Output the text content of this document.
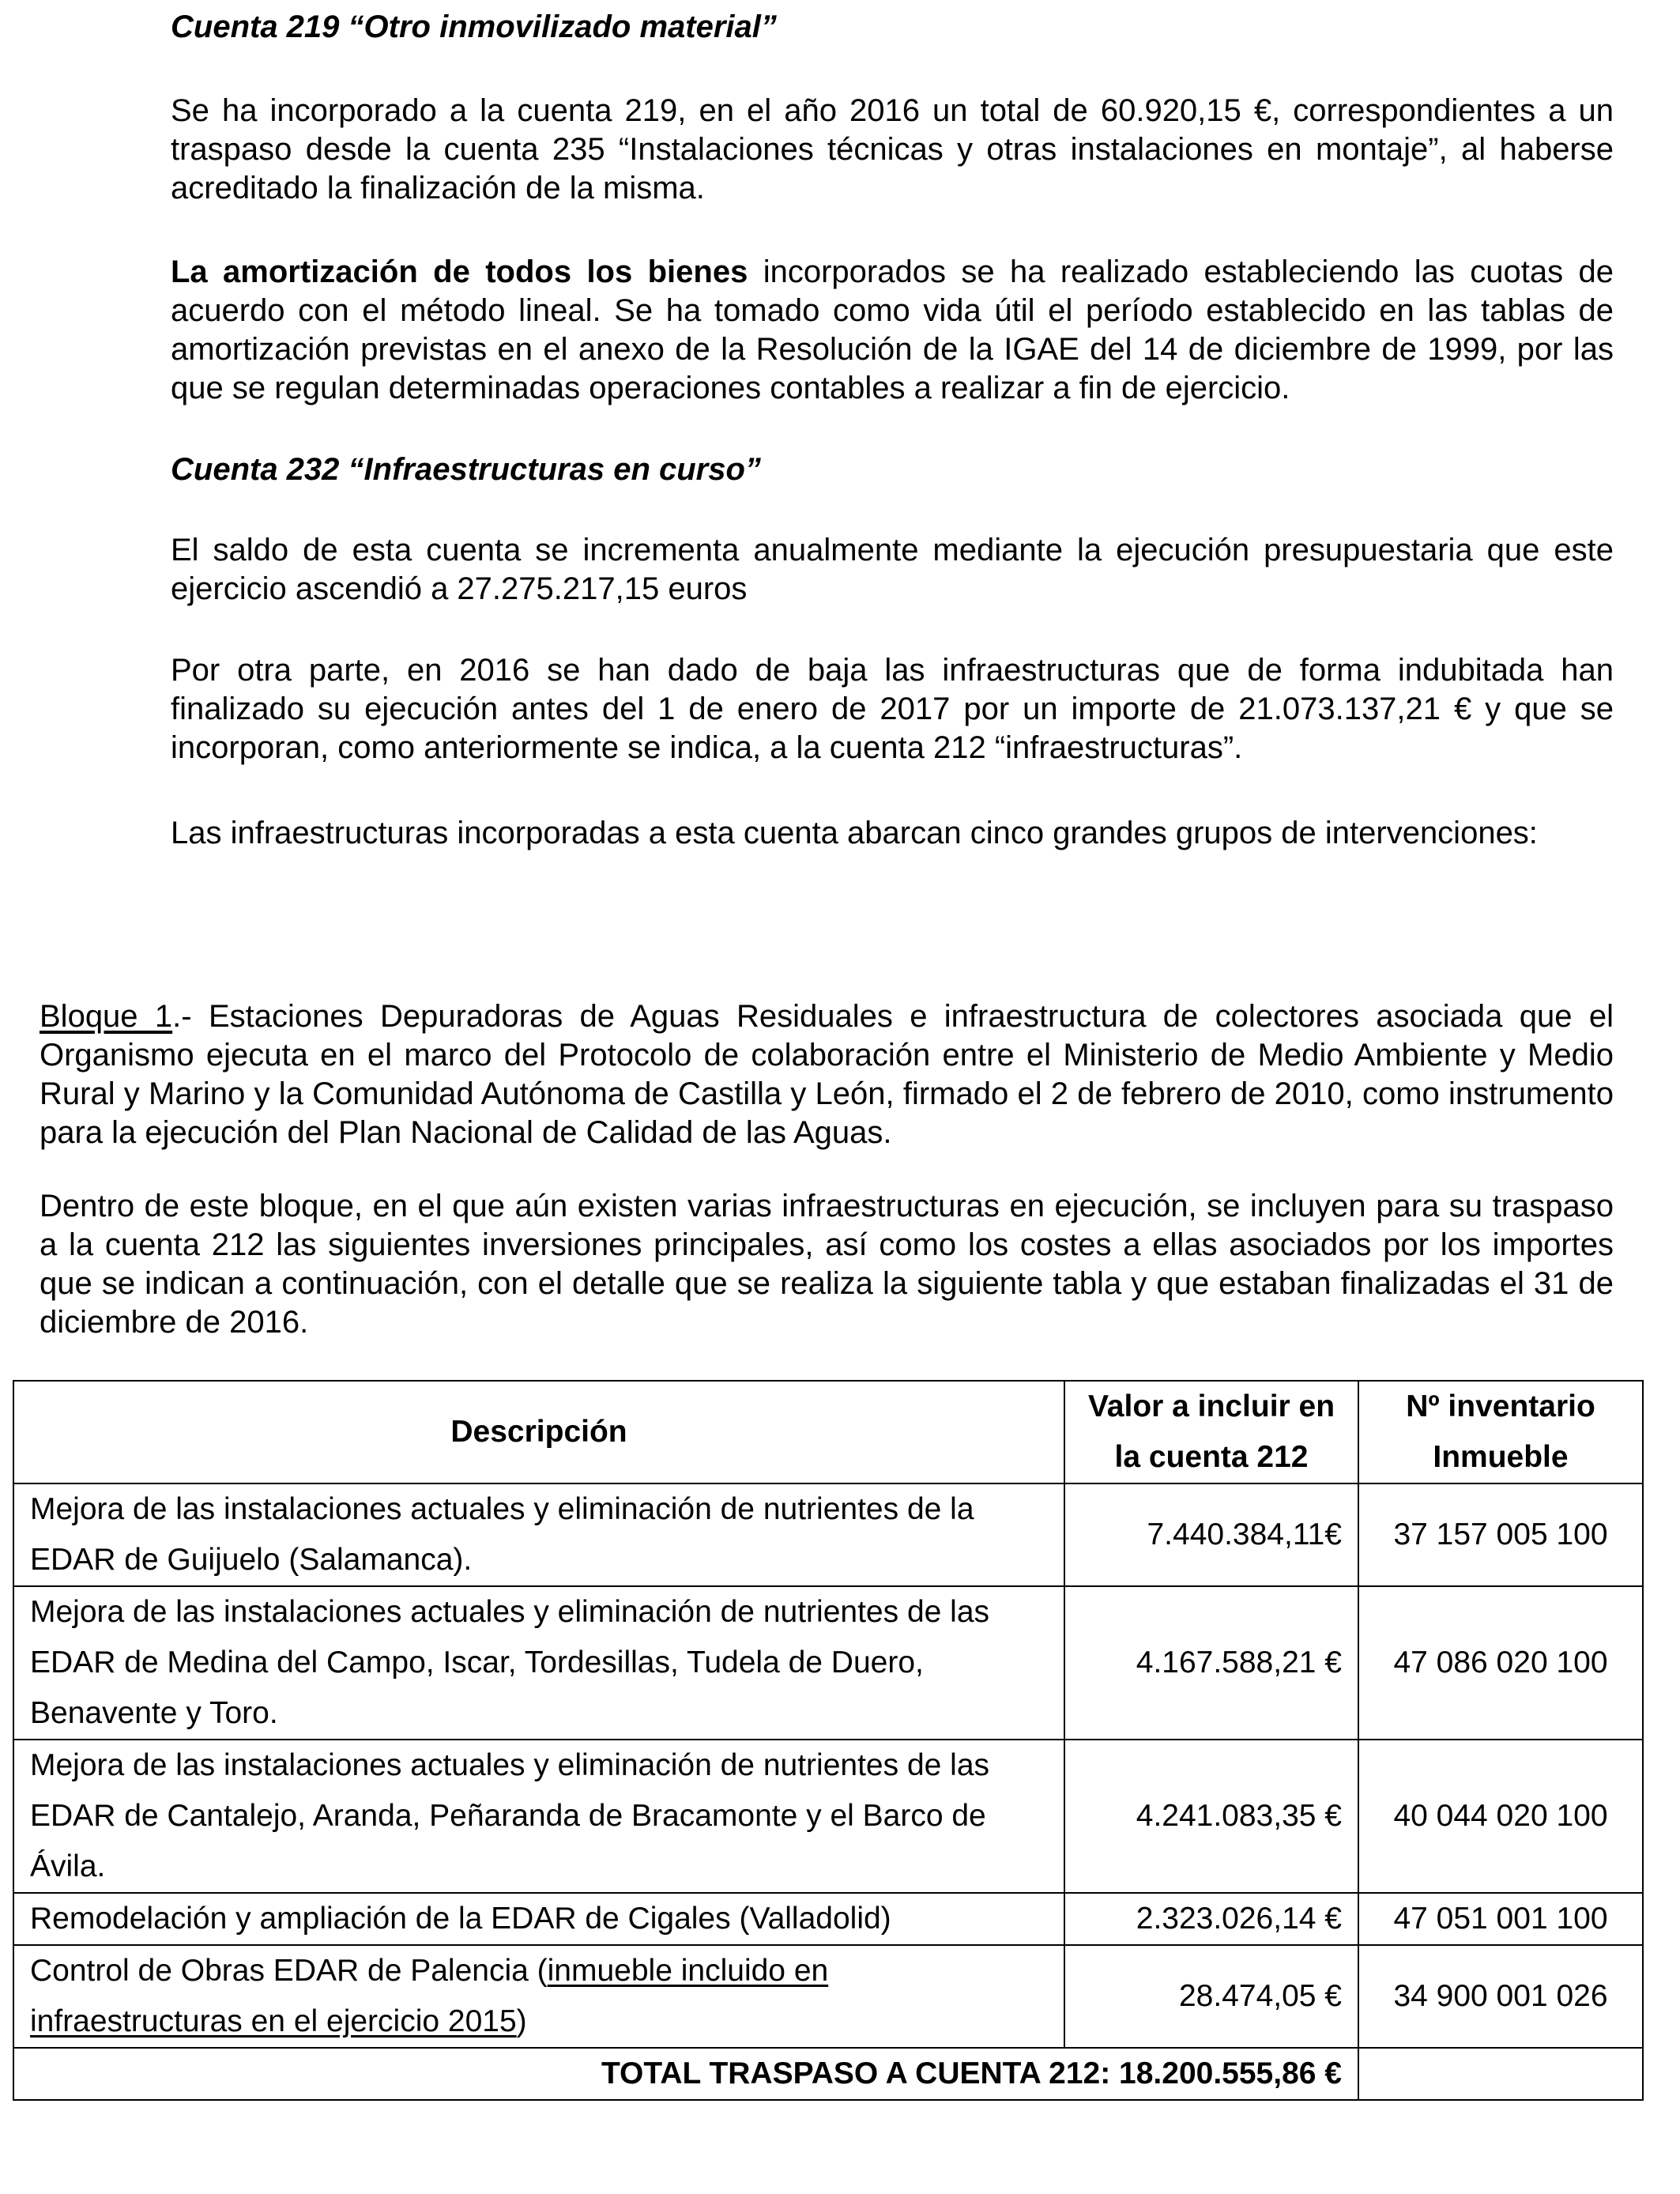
Cuenta 219 “Otro inmovilizado material”

Se ha incorporado a la cuenta 219, en el año 2016 un total de 60.920,15 €, correspondientes a un traspaso desde la cuenta 235 “Instalaciones técnicas y otras instalaciones en montaje”, al haberse acreditado la finalización de la misma.

La amortización de todos los bienes incorporados se ha realizado estableciendo las cuotas de acuerdo con el método lineal. Se ha tomado como vida útil el período establecido en las tablas de amortización previstas en el anexo de la Resolución de la IGAE del 14 de diciembre de 1999, por las que se regulan determinadas operaciones contables a realizar a fin de ejercicio.

Cuenta 232 “Infraestructuras en curso”

El saldo de esta cuenta se incrementa anualmente mediante la ejecución presupuestaria que este ejercicio ascendió a 27.275.217,15 euros

Por otra parte, en 2016 se han dado de baja las infraestructuras que de forma indubitada han finalizado su ejecución antes del 1 de enero de 2017 por un importe de 21.073.137,21 € y que se incorporan, como anteriormente se indica, a la cuenta 212 “infraestructuras”.

Las infraestructuras incorporadas a esta cuenta abarcan cinco grandes grupos de intervenciones:

Bloque 1.- Estaciones Depuradoras de Aguas Residuales e infraestructura de colectores asociada que el Organismo ejecuta en el marco del Protocolo de colaboración entre el Ministerio de Medio Ambiente y Medio Rural y Marino y la Comunidad Autónoma de Castilla y León, firmado el 2 de febrero de 2010, como instrumento para la ejecución del Plan Nacional de Calidad de las Aguas.

Dentro de este bloque, en el que aún existen varias infraestructuras en ejecución, se incluyen para su traspaso a la cuenta 212 las siguientes inversiones principales, así como los costes a ellas asociados por los importes que se indican a continuación, con el detalle que se realiza la siguiente tabla y que estaban finalizadas el 31 de diciembre de 2016.

Descripción	Valor a incluir en la cuenta 212	Nº inventario Inmueble
Mejora de las instalaciones actuales y eliminación de nutrientes de la EDAR de Guijuelo (Salamanca).	7.440.384,11€	37 157 005 100
Mejora de las instalaciones actuales y eliminación de nutrientes de las EDAR de Medina del Campo, Iscar, Tordesillas, Tudela de Duero, Benavente y Toro.	4.167.588,21 €	47 086 020 100
Mejora de las instalaciones actuales y eliminación de nutrientes de las EDAR de Cantalejo, Aranda, Peñaranda de Bracamonte y el Barco de Ávila.	4.241.083,35 €	40 044 020 100
Remodelación y ampliación de la EDAR de Cigales (Valladolid)	2.323.026,14 €	47 051 001 100
Control de Obras EDAR de Palencia (inmueble incluido en infraestructuras en el ejercicio 2015)	28.474,05 €	34 900 001 026
TOTAL TRASPASO A CUENTA 212: 18.200.555,86 €		
